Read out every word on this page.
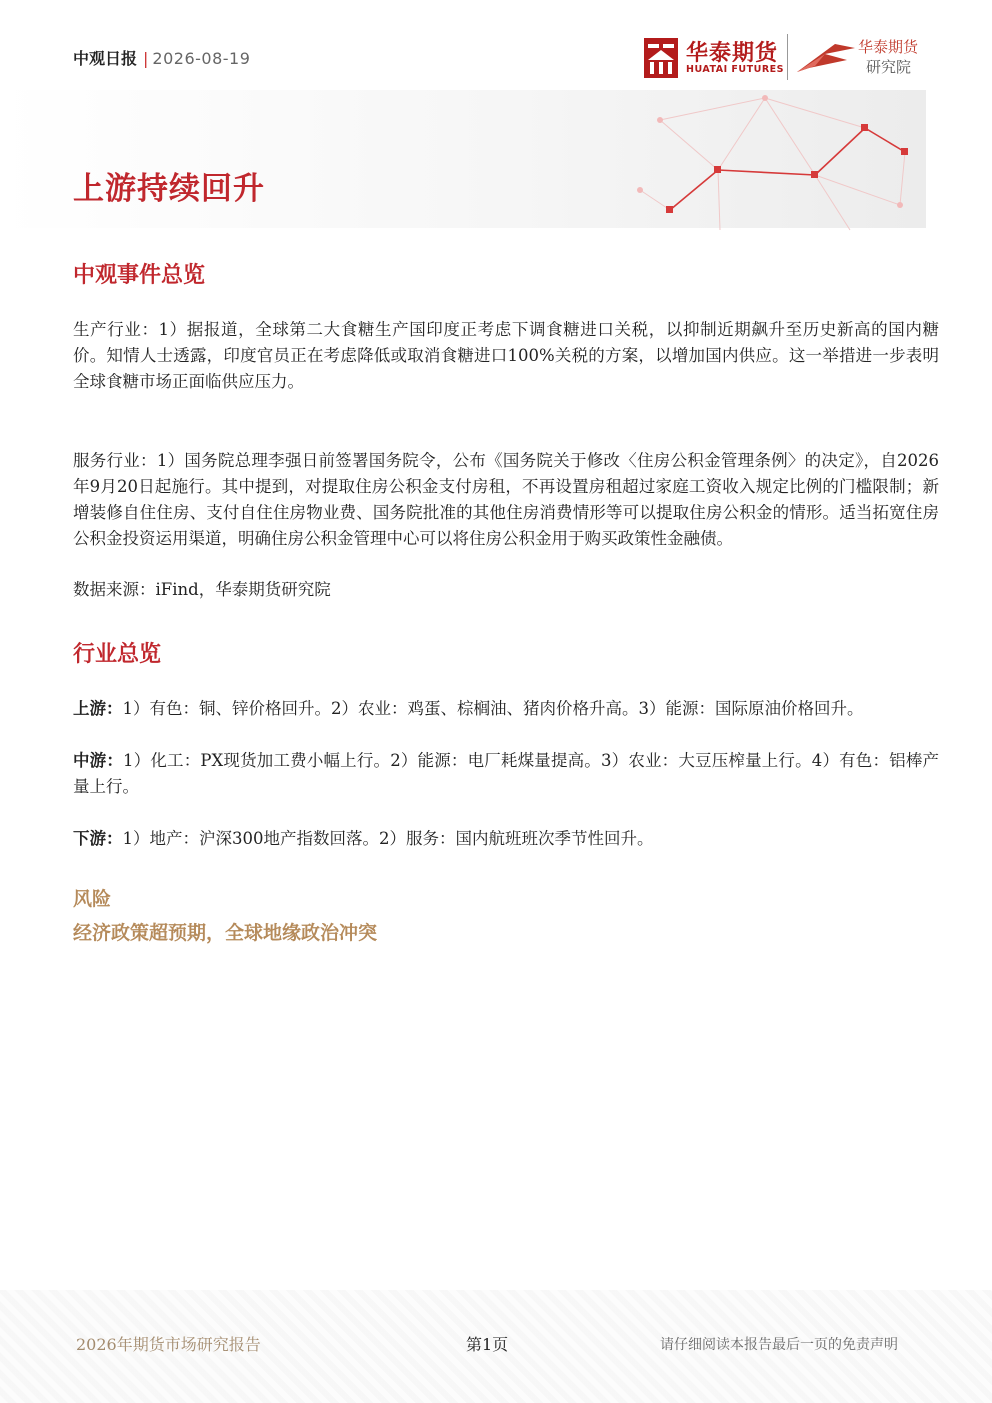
中观日报 | 2026-08-19	华泰期货
HUATAI FUTURES
华泰期货
研究院
上游持续回升
中观事件总览
生产行业：1）据报道，全球第二大食糖生产国印度正考虑下调食糖进口关税，以抑制近期飙升至历史新高的国内糖价。知情人士透露，印度官员正在考虑降低或取消食糖进口100%关税的方案，以增加国内供应。这一举措进一步表明全球食糖市场正面临供应压力。
服务行业：1）国务院总理李强日前签署国务院令，公布《国务院关于修改〈住房公积金管理条例〉的决定》，自2026年9月20日起施行。其中提到，对提取住房公积金支付房租，不再设置房租超过家庭工资收入规定比例的门槛限制；新增装修自住住房、支付自住住房物业费、国务院批准的其他住房消费情形等可以提取住房公积金的情形。适当拓宽住房公积金投资运用渠道，明确住房公积金管理中心可以将住房公积金用于购买政策性金融债。
数据来源：iFind，华泰期货研究院
行业总览
上游：1）有色：铜、锌价格回升。2）农业：鸡蛋、棕榈油、猪肉价格升高。3）能源：国际原油价格回升。
中游：1）化工：PX现货加工费小幅上行。2）能源：电厂耗煤量提高。3）农业：大豆压榨量上行。4）有色：铝棒产量上行。
下游：1）地产：沪深300地产指数回落。2）服务：国内航班班次季节性回升。
风险
经济政策超预期，全球地缘政治冲突
2026年期货市场研究报告	第1页	请仔细阅读本报告最后一页的免责声明
